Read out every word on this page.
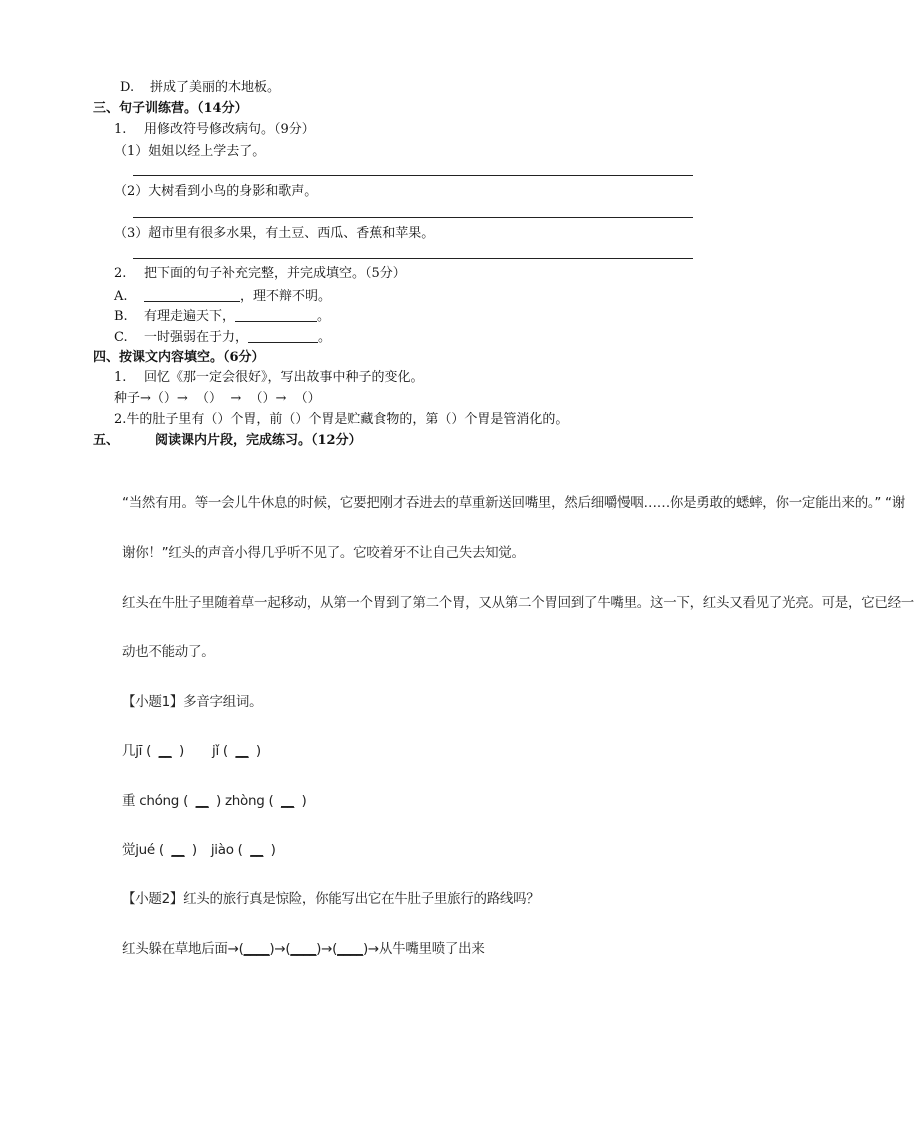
D. 拼成了美丽的木地板。
三、句子训练营。（14分）
1. 用修改符号修改病句。（9分）
（1）姐姐以经上学去了。
（2）大树看到小鸟的身影和歌声。
（3）超市里有很多水果，有土豆、西瓜、香蕉和苹果。
2. 把下面的句子补充完整，并完成填空。（5分）
A.	，理不辩不明。
B. 有理走遍天下，	。
C. 一时强弱在于力，	。
四、按课文内容填空。（6分）
1. 回忆《那一定会很好》，写出故事中种子的变化。
种子→（）→  （）  →  （）→  （）
2.牛的肚子里有（）个胃，前（）个胃是贮藏食物的，第（）个胃是管消化的。
五、	阅读课内片段，完成练习。（12分）
“当然有用。等一会儿牛休息的时候，它要把刚才吞进去的草重新送回嘴里，然后细嚼慢咽……你是勇敢的蟋蟀，你一定能出来的。” “谢
谢你！”红头的声音小得几乎听不见了。它咬着牙不让自己失去知觉。
红头在牛肚子里随着草一起移动，从第一个胃到了第二个胃，又从第二个胃回到了牛嘴里。这一下，红头又看见了光亮。可是，它已经一
动也不能动了。
【小题1】多音字组词。
几jī ( __ ) jǐ ( __ )
重 chóng ( __ ) zhòng ( __ )
觉jué ( __ ) jiào ( __ )
【小题2】红头的旅行真是惊险，你能写出它在牛肚子里旅行的路线吗？
红头躲在草地后面→(____)→(____)→(____)→从牛嘴里喷了出来
